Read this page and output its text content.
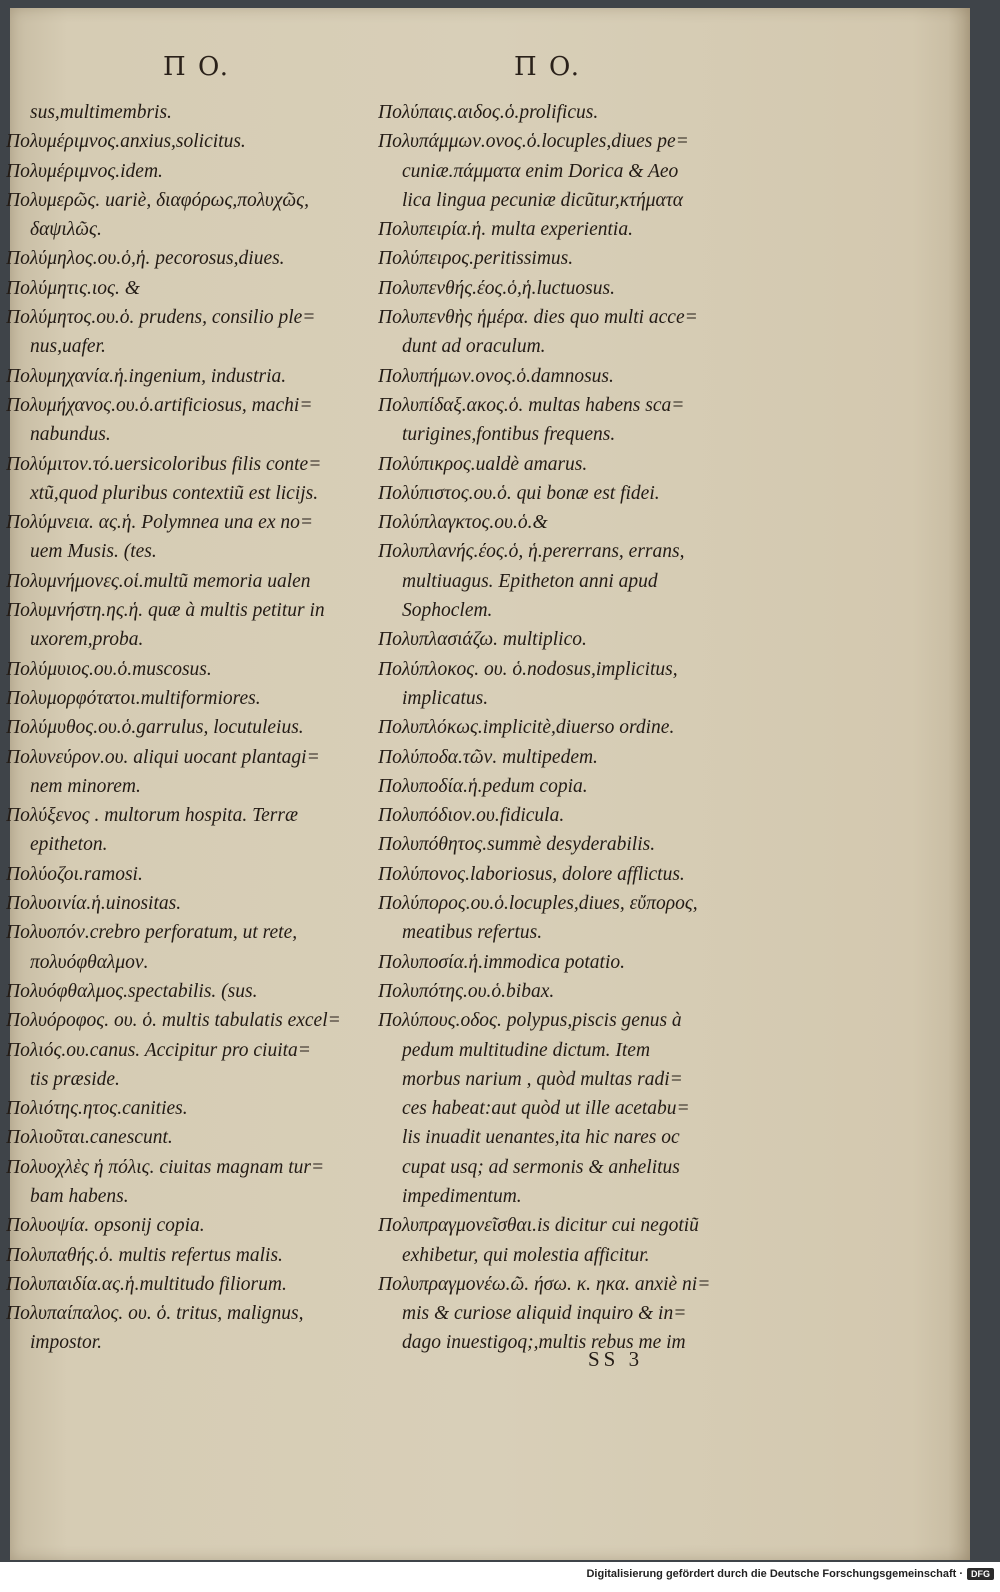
Π O.	Π O.
sus,multimembris.
Πολυμέριμνος.anxius,solicitus.
Πολυμέριμνος.idem.
Πολυμερῶς. uariè, διαφόρως,πολυχῶς,
δαψιλῶς.
Πολύμηλος.ου.ὁ,ἡ. pecorosus,diues.
Πολύμητις.ιος. &
Πολύμητος.ου.ὁ. prudens, consilio ple=
nus,uafer.
Πολυμηχανία.ἡ.ingenium, industria.
Πολυμήχανος.ου.ὁ.artificiosus, machi=
nabundus.
Πολύμιτον.τό.uersicoloribus filis conte=
xtũ,quod pluribus contextiũ est licijs.
Πολύμνεια. ας.ἡ. Polymnea una ex no=
uem Musis. (tes.
Πολυμνήμονες.οἱ.multũ memoria ualen
Πολυμνήστη.ης.ἡ. quæ à multis petitur in
uxorem,proba.
Πολύμυιος.ου.ὁ.muscosus.
Πολυμορφότατοι.multiformiores.
Πολύμυθος.ου.ὁ.garrulus, locutuleius.
Πολυνεύρον.ου. aliqui uocant plantagi=
nem minorem.
Πολύξενος . multorum hospita. Terræ
epitheton.
Πολύοζοι.ramosi.
Πολυοινία.ἡ.uinositas.
Πολυοπόν.crebro perforatum, ut rete,
πολυόφθαλμον.
Πολυόφθαλμος.spectabilis. (sus.
Πολυόροφος. ου. ὁ. multis tabulatis excel=
Πολιός.ου.canus. Accipitur pro ciuita=
tis præside.
Πολιότης.ητος.canities.
Πολιοῦται.canescunt.
Πολυοχλὲς ἡ πόλις. ciuitas magnam tur=
bam habens.
Πολυοψία. opsonij copia.
Πολυπαθής.ὁ. multis refertus malis.
Πολυπαιδία.ας.ἡ.multitudo filiorum.
Πολυπαίπαλος. ου. ὁ. tritus, malignus,
impostor.
Πολύπαις.αιδος.ὁ.prolificus.
Πολυπάμμων.ονος.ὁ.locuples,diues pe=
cuniæ.πάμματα enim Dorica & Aeo
lica lingua pecuniæ dicũtur,κτήματα
Πολυπειρία.ἡ. multa experientia.
Πολύπειρος.peritissimus.
Πολυπενθής.έος.ὁ,ἡ.luctuosus.
Πολυπενθὴς ἡμέρα. dies quo multi acce=
dunt ad oraculum.
Πολυπήμων.ονος.ὁ.damnosus.
Πολυπίδαξ.ακος.ὁ. multas habens sca=
turigines,fontibus frequens.
Πολύπικρος.ualdè amarus.
Πολύπιστος.ου.ὁ. qui bonæ est fidei.
Πολύπλαγκτος.ου.ὁ.&
Πολυπλανής.έος.ὁ, ἡ.pererrans, errans,
multiuagus. Epitheton anni apud
Sophoclem.
Πολυπλασιάζω. multiplico.
Πολύπλοκος. ου. ὁ.nodosus,implicitus,
implicatus.
Πολυπλόκως.implicitè,diuerso ordine.
Πολύποδα.τῶν. multipedem.
Πολυποδία.ἡ.pedum copia.
Πολυπόδιον.ου.fidicula.
Πολυπόθητος.summè desyderabilis.
Πολύπονος.laboriosus, dolore afflictus.
Πολύπορος.ου.ὁ.locuples,diues, εὔπορος,
meatibus refertus.
Πολυποσία.ἡ.immodica potatio.
Πολυπότης.ου.ὁ.bibax.
Πολύπους.οδος. polypus,piscis genus à
pedum multitudine dictum. Item
morbus narium , quòd multas radi=
ces habeat:aut quòd ut ille acetabu=
lis inuadit uenantes,ita hic nares oc
cupat usq; ad sermonis & anhelitus
impedimentum.
Πολυπραγμονεῖσθαι.is dicitur cui negotiũ
exhibetur, qui molestia afficitur.
Πολυπραγμονέω.ῶ. ήσω. κ. ηκα. anxiè ni=
mis & curiose aliquid inquiro & in=
dago inuestigoq;,multis rebus me im
SS 3
Digitalisierung gefördert durch die Deutsche Forschungsgemeinschaft · DFG
